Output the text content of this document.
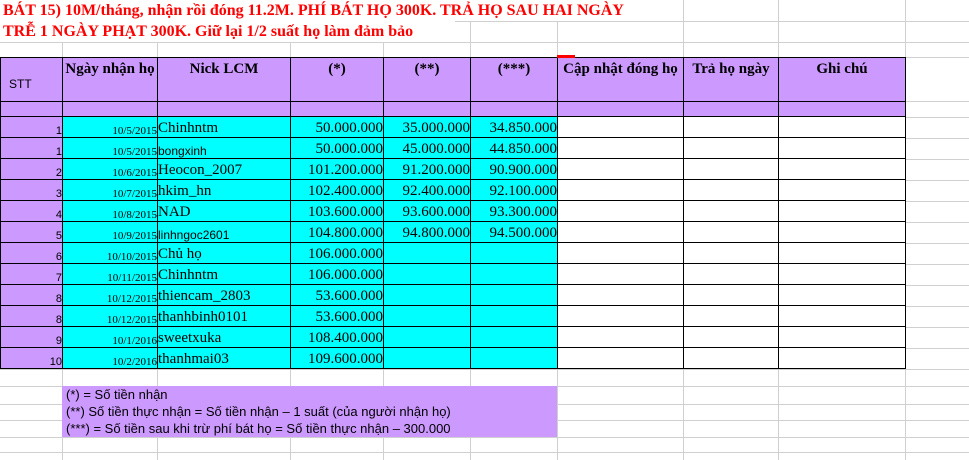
BÁT 15) 10M/tháng, nhận rồi đóng 11.2M. PHÍ BÁT HỌ 300K. TRẢ HỌ SAU HAI NGÀY
TRỄ 1 NGÀY PHẠT 300K. Giữ lại 1/2 suất họ làm đảm bảo
STT	Ngày nhận họ	Nick LCM	(*)	(**)	(***)	Cập nhật đóng họ	Trả họ ngày	Ghi chú

1	10/5/2015	Chinhntm	50.000.000	35.000.000	34.850.000			
1	10/5/2015	bongxinh	50.000.000	45.000.000	44.850.000			
2	10/6/2015	Heocon_2007	101.200.000	91.200.000	90.900.000			
3	10/7/2015	hkim_hn	102.400.000	92.400.000	92.100.000			
4	10/8/2015	NAD	103.600.000	93.600.000	93.300.000			
5	10/9/2015	linhngoc2601	104.800.000	94.800.000	94.500.000			
6	10/10/2015	Chủ họ	106.000.000					
7	10/11/2015	Chinhntm	106.000.000					
8	10/12/2015	thiencam_2803	53.600.000					
8	10/12/2015	thanhbinh0101	53.600.000					
9	10/1/2016	sweetxuka	108.400.000					
10	10/2/2016	thanhmai03	109.600.000					
(*) = Số tiền nhận
(**) Số tiền thực nhận = Số tiền nhận – 1 suất (của người nhận họ)
(***) = Số tiền sau khi trừ phí bát họ = Số tiền thực nhận – 300.000
